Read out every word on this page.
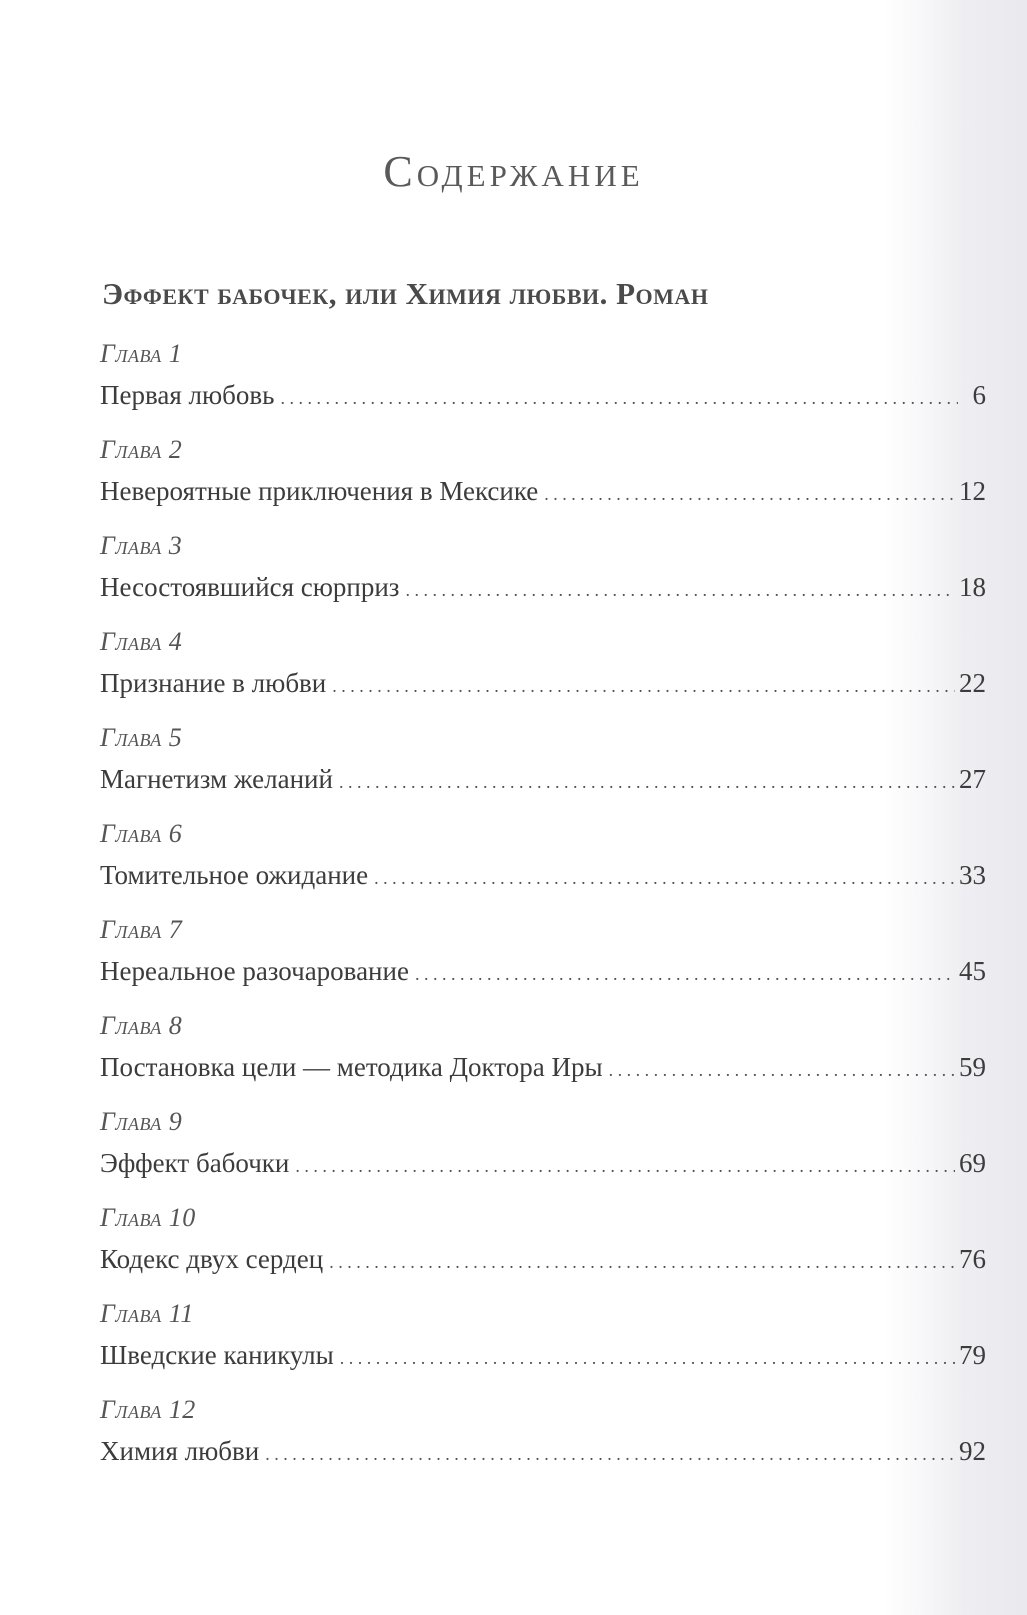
Содержание
Эффект бабочек, или Химия любви. Роман
Глава 1
Первая любовь . . .	6
Глава 2
Невероятные приключения в Мексике . . .	12
Глава 3
Несостоявшийся сюрприз . . .	18
Глава 4
Признание в любви . . .	22
Глава 5
Магнетизм желаний . . .	27
Глава 6
Томительное ожидание . . .	33
Глава 7
Нереальное разочарование . . .	45
Глава 8
Постановка цели — методика Доктора Иры . . .	59
Глава 9
Эффект бабочки . . .	69
Глава 10
Кодекс двух сердец . . .	76
Глава 11
Шведские каникулы . . .	79
Глава 12
Химия любви . . .	92
